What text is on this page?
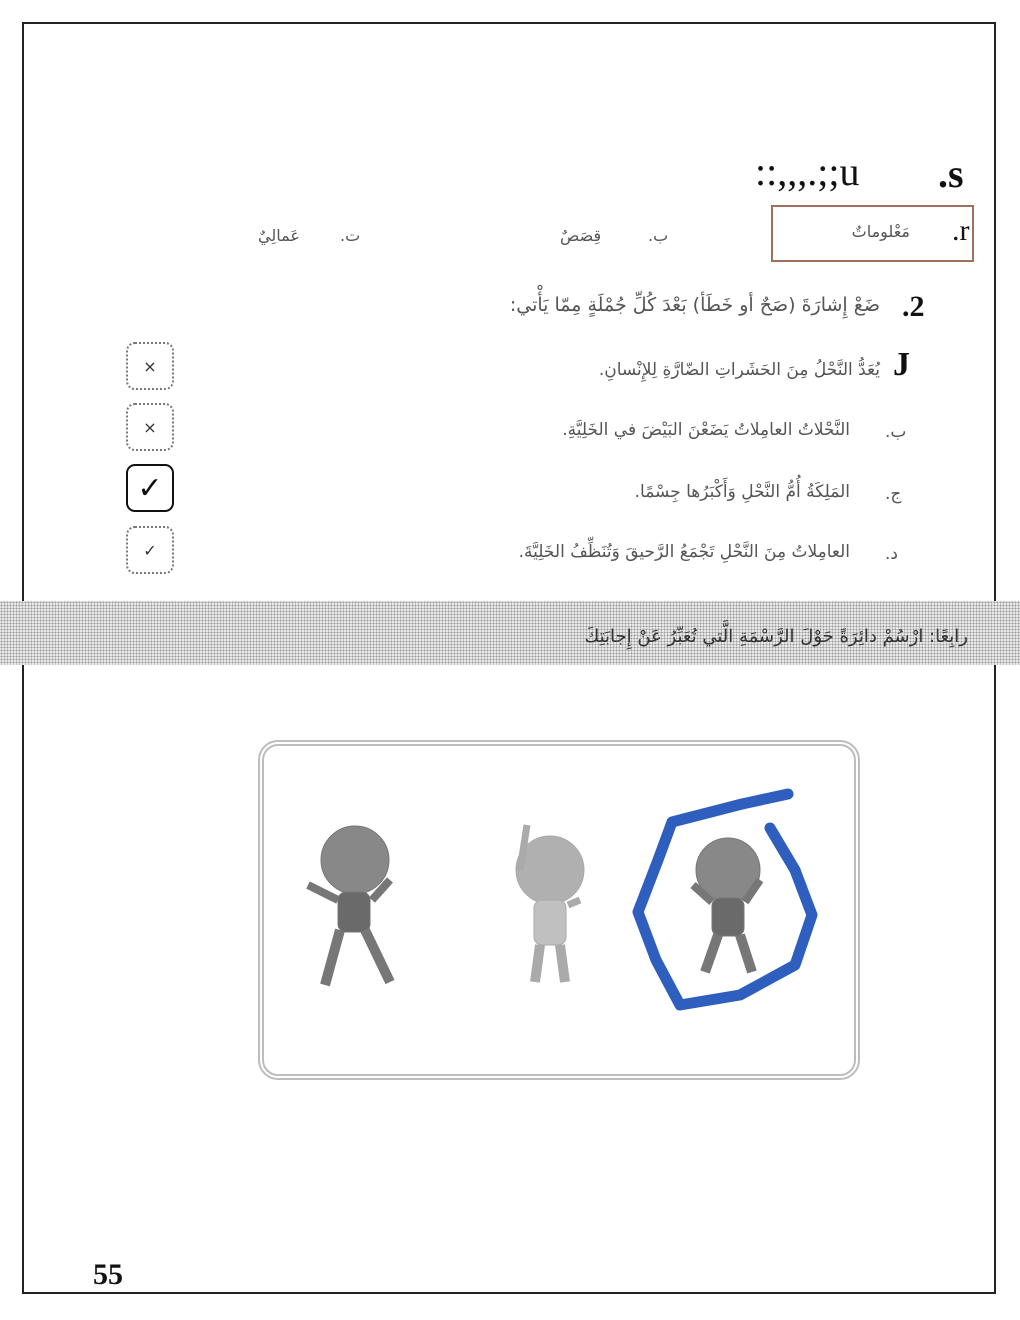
::,,,.;;u .s
مَعْلوماتٌ .r
قِصَصٌ	ب.
عَمالِيٌ	ت.
.2
ضَعْ إِشارَةَ (صَحٌ أو خَطَأ) بَعْدَ كُلِّ جُمْلَةٍ مِمّا يَأْتي:
J
يُعَدُّ النَّحْلُ مِنَ الحَشَراتِ الضّارَّةِ لِلإِنْسانِ.
×
ب.
النَّحْلاتُ العامِلاتُ يَضَعْنَ البَيْضَ في الخَلِيَّةِ.
×
ج.
المَلِكَةُ أُمُّ النَّحْلِ وَأَكْبَرُها جِسْمًا.
✓
د.
العامِلاتُ مِنَ النَّحْلِ تَجْمَعُ الرَّحيقَ وَتُنَظِّفُ الخَلِيَّةَ.
✓
رابِعًا: ارْسُمْ دائِرَةً حَوْلَ الرَّسْمَةِ الَّتي تُعَبِّرُ عَنْ إِجابَتِكَ
55
